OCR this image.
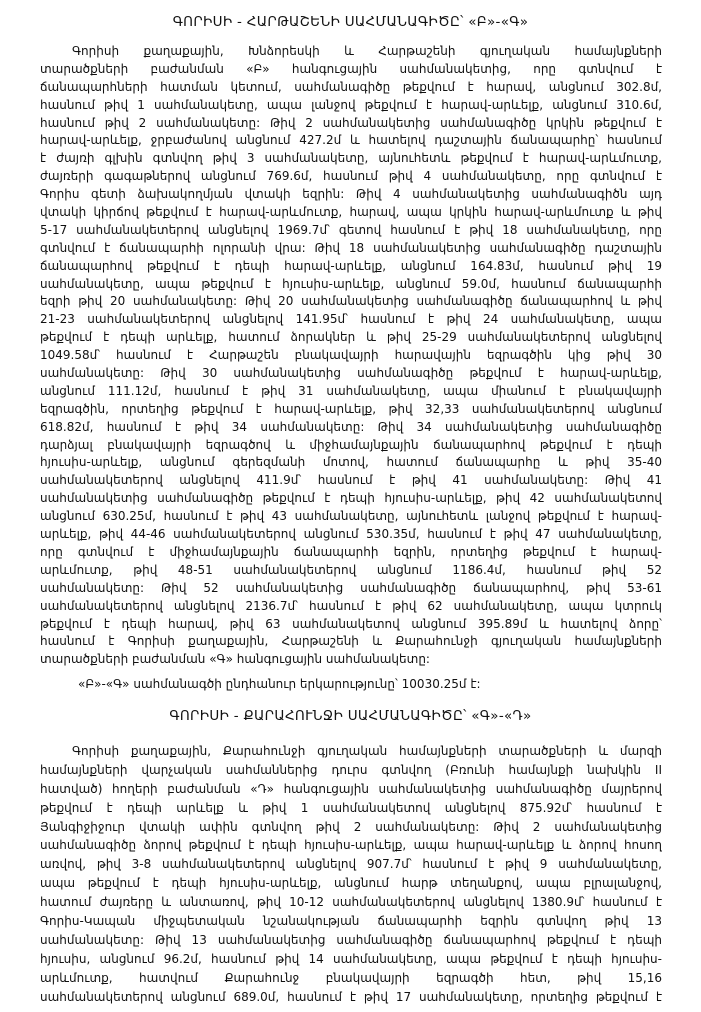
ԳՈՐԻՍԻ - ՀԱՐԹԱՇԵՆԻ ՍԱՀՄԱՆԱԳԻԾԸ՝ «Բ»-«Գ»
Գորիսի քաղաքային, Խնձորեսկի և Հարթաշենի գյուղական համայնքների
տարածքների բաժանման «Բ» հանգուցային սահմանակետից, որը գտնվում է
ճանապարհների հատման կետում, սահմանագիծը թեքվում է հարավ, անցնում 302.8մ,
հասնում թիվ 1 սահմանակետը, ապա լանջով թեքվում է հարավ-արևելք, անցնում 310.6մ,
հասնում թիվ 2 սահմանակետը: Թիվ 2 սահմանակետից սահմանագիծը կրկին թեքվում է
հարավ-արևելք, ջրբաժանով անցնում 427.2մ և հատելով դաշտային ճանապարհը՝ հասնում
է ժայռի գլխին գտնվող թիվ 3 սահմանակետը, այնուհետև թեքվում է հարավ-արևմուտք,
ժայռերի գագաթներով անցնում 769.6մ, հասնում թիվ 4 սահմանակետը, որը գտնվում է
Գորիս գետի ձախակողմյան վտակի եզրին: Թիվ 4 սահմանակետից սահմանագիծն այդ
վտակի կիրճով թեքվում է հարավ-արևմուտք, հարավ, ապա կրկին հարավ-արևմուտք և թիվ
5-17 սահմանակետերով անցնելով 1969.7մ՝ գետով հասնում է թիվ 18 սահմանակետը, որը
գտնվում է ճանապարհի ոլորանի վրա: Թիվ 18 սահմանակետից սահմանագիծը դաշտային
ճանապարհով թեքվում է դեպի հարավ-արևելք, անցնում 164.83մ, հասնում թիվ 19
սահմանակետը, ապա թեքվում է հյուսիս-արևելք, անցնում 59.0մ, հասնում ճանապարհի
եզրի թիվ 20 սահմանակետը: Թիվ 20 սահմանակետից սահմանագիծը ճանապարհով և թիվ
21-23 սահմանակետերով անցնելով 141.95մ՝ հասնում է թիվ 24 սահմանակետը, ապա
թեքվում է դեպի արևելք, հատում ձորակներ և թիվ 25-29 սահմանակետերով անցնելով
1049.58մ՝ հասնում է Հարթաշեն բնակավայրի հարավային եզրագծին կից թիվ 30
սահմանակետը: Թիվ 30 սահմանակետից սահմանագիծը թեքվում է հարավ-արևելք,
անցնում 111.12մ, հասնում է թիվ 31 սահմանակետը, ապա միանում է բնակավայրի
եզրագծին, որտեղից թեքվում է հարավ-արևելք, թիվ 32,33 սահմանակետերով անցնում
618.82մ, հասնում է թիվ 34 սահմանակետը: Թիվ 34 սահմանակետից սահմանագիծը
դարձյալ բնակավայրի եզրագծով և միջհամայնքային ճանապարհով թեքվում է դեպի
հյուսիս-արևելք, անցնում գերեզմանի մոտով, հատում ճանապարհը և թիվ 35-40
սահմանակետերով անցնելով 411.9մ՝ հասնում է թիվ 41 սահմանակետը: Թիվ 41
սահմանակետից սահմանագիծը թեքվում է դեպի հյուսիս-արևելք, թիվ 42 սահմանակետով
անցնում 630.25մ, հասնում է թիվ 43 սահմանակետը, այնուհետև լանջով թեքվում է հարավ-
արևելք, թիվ 44-46 սահմանակետերով անցնում 530.35մ, հասնում է թիվ 47 սահմանակետը,
որը գտնվում է միջհամայնքային ճանապարհի եզրին, որտեղից թեքվում է հարավ-
արևմուտք, թիվ 48-51 սահմանակետերով անցնում 1186.4մ, հասնում թիվ 52
սահմանակետը: Թիվ 52 սահմանակետից սահմանագիծը ճանապարհով, թիվ 53-61
սահմանակետերով անցնելով 2136.7մ՝ հասնում է թիվ 62 սահմանակետը, ապա կտրուկ
թեքվում է դեպի հարավ, թիվ 63 սահմանակետով անցնում 395.89մ և հատելով ձորը՝
հասնում է Գորիսի քաղաքային, Հարթաշենի և Քարահունջի գյուղական համայնքների
տարածքների բաժանման «Գ» հանգուցային սահմանակետը:
«Բ»-«Գ» սահմանագծի ընդհանուր երկարությունը՝ 10030.25մ է:
ԳՈՐԻՍԻ - ՔԱՐԱՀՈՒՆՋԻ ՍԱՀՄԱՆԱԳԻԾԸ՝ «Գ»-«Դ»
Գորիսի քաղաքային, Քարահունջի գյուղական համայնքների տարածքների և մարզի
համայնքների վարչական սահմաններից դուրս գտնվող (Բռունի համայնքի նախկին II
հատված) հողերի բաժանման «Դ» հանգուցային սահմանակետից սահմանագիծը մայրերով
թեքվում է դեպի արևելք և թիվ 1 սահմանակետով անցնելով 875.92մ՝ հասնում է
Յանգիջիջուր վտակի ափին գտնվող թիվ 2 սահմանակետը: Թիվ 2 սահմանակետից
սահմանագիծը ձորով թեքվում է դեպի հյուսիս-արևելք, ապա հարավ-արևելք և ձորով հոսող
առվով, թիվ 3-8 սահմանակետերով անցնելով 907.7մ՝ հասնում է թիվ 9 սահմանակետը,
ապա թեքվում է դեպի հյուսիս-արևելք, անցնում հարթ տեղանքով, ապա բլրալանջով,
հատում ժայռերը և անտառով, թիվ 10-12 սահմանակետերով անցնելով 1380.9մ՝ հասնում է
Գորիս-Կապան միջպետական նշանակության ճանապարհի եզրին գտնվող թիվ 13
սահմանակետը: Թիվ 13 սահմանակետից սահմանագիծը ճանապարհով թեքվում է դեպի
հյուսիս, անցնում 96.2մ, հասնում թիվ 14 սահմանակետը, ապա թեքվում է դեպի հյուսիս-
արևմուտք, հատվում Քարահունջ բնակավայրի եզրագծի հետ, թիվ 15,16
սահմանակետերով անցնում 689.0մ, հասնում է թիվ 17 սահմանակետը, որտեղից թեքվում է
